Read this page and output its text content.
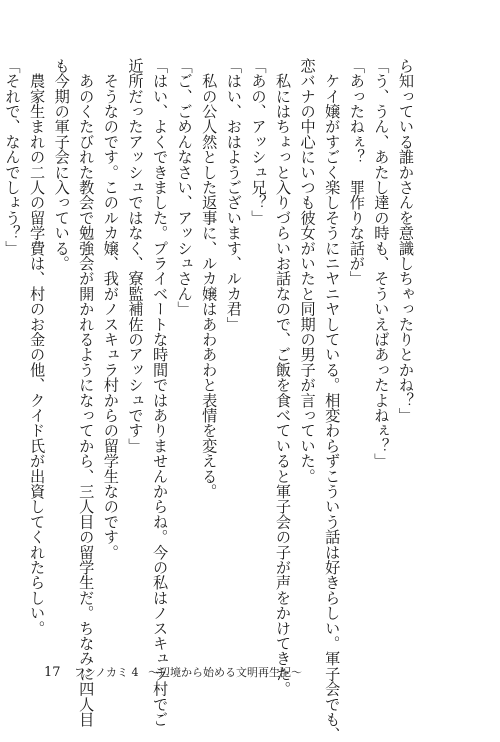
ら知っている誰かさんを意識しちゃったりとかね？」
「う、うん、あたし達の時も、そういえばあったよねぇ？」
「あったねぇ？　罪作りな話が」
　ケイ嬢がすごく楽しそうにニヤニヤしている。相変わらずこういう話は好きらしい。軍子会でも、
恋バナの中心にいつも彼女がいたと同期の男子が言っていた。
　私にはちょっと入りづらいお話なので、ご飯を食べていると軍子会の子が声をかけてきた。
「あの、アッシュ兄？」
「はい、おはようございます、ルカ君」
　私の公人然とした返事に、ルカ嬢はあわあわと表情を変える。
「ご、ごめんなさい、アッシュさん」
「はい、よくできました。プライベートな時間ではありませんからね。今の私はノスキュラ村でご
近所だったアッシュではなく、寮監補佐のアッシュです」
　そうなのです。このルカ嬢、我がノスキュラ村からの留学生なのです。
　あのくたびれた教会で勉強会が開かれるようになってから、三人目の留学生だ。ちなみに四人目
も今期の軍子会に入っている。
　農家生まれの二人の留学費は、村のお金の他、クイド氏が出資してくれたらしい。
「それで、なんでしょう？」
17 フシノカミ 4 ～辺境から始める文明再生記～
